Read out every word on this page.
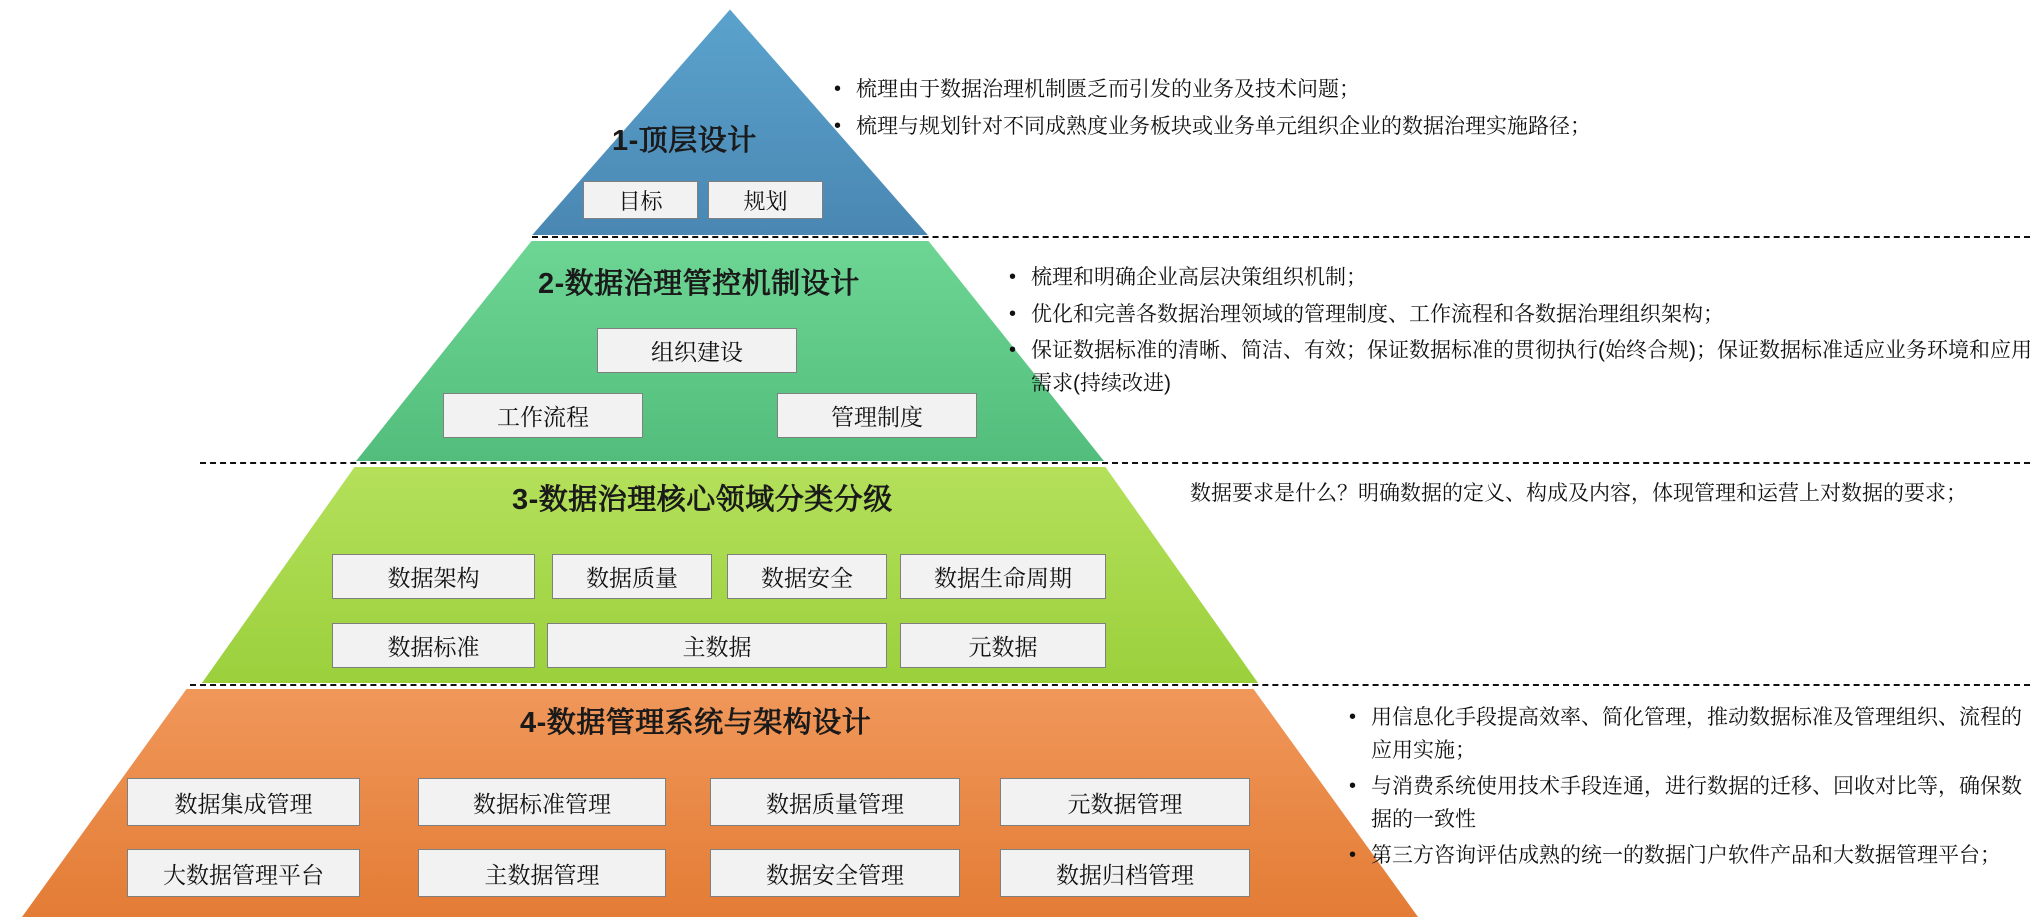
1-顶层设计
目标	规划
• 梳理由于数据治理机制匮乏而引发的业务及技术问题；
• 梳理与规划针对不同成熟度业务板块或业务单元组织企业的数据治理实施路径；
2-数据治理管控机制设计
组织建设
工作流程	管理制度
• 梳理和明确企业高层决策组织机制；
• 优化和完善各数据治理领域的管理制度、工作流程和各数据治理组织架构；
• 保证数据标准的清晰、简洁、有效；保证数据标准的贯彻执行(始终合规)；保证数据标准适应业务环境和应用需求(持续改进)
3-数据治理核心领域分类分级
数据架构	数据质量	数据安全	数据生命周期
数据标准	主数据	元数据

数据要求是什么？明确数据的定义、构成及内容，体现管理和运营上对数据的要求；

4-数据管理系统与架构设计
数据集成管理	数据标准管理	数据质量管理	元数据管理
大数据管理平台	主数据管理	数据安全管理	数据归档管理
• 用信息化手段提高效率、简化管理，推动数据标准及管理组织、流程的应用实施；
• 与消费系统使用技术手段连通，进行数据的迁移、回收对比等，确保数据的一致性
• 第三方咨询评估成熟的统一的数据门户软件产品和大数据管理平台；
